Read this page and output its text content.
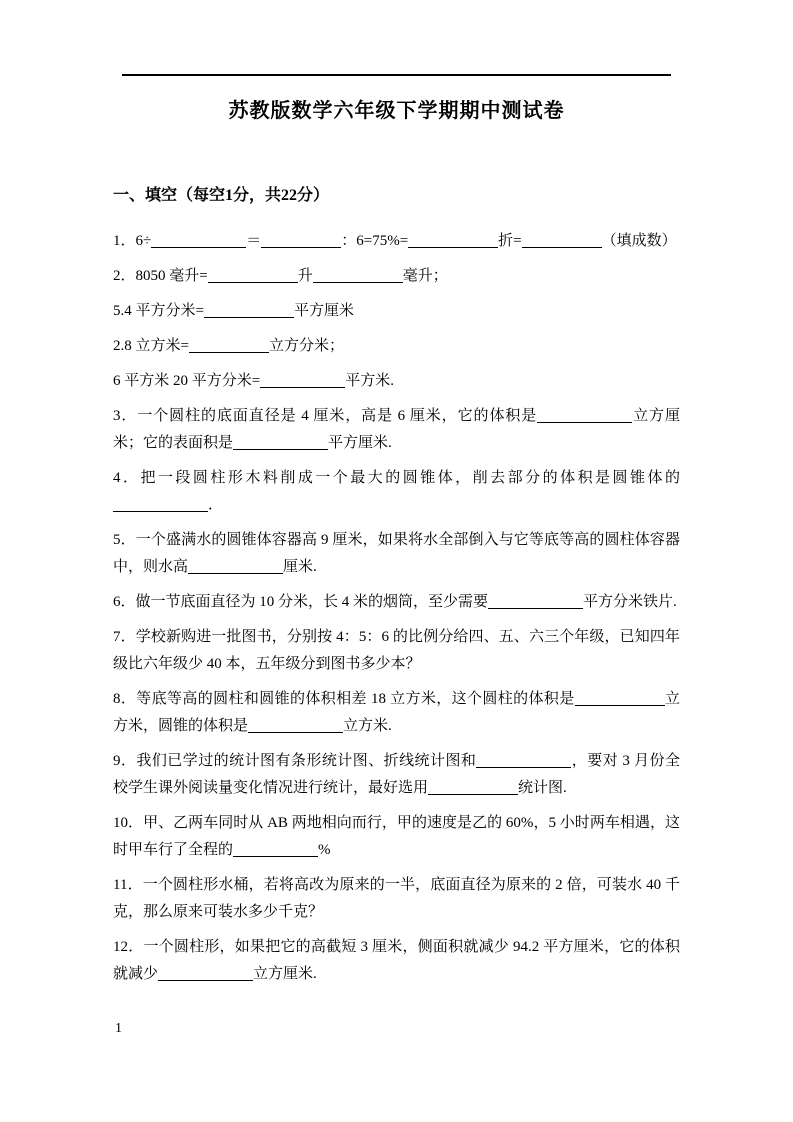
苏教版数学六年级下学期期中测试卷
一、填空（每空1分，共22分）

1．6÷	＝	：6=75%=	折=	（填成数）

2．8050 毫升=	升	毫升；

5.4 平方分米=	平方厘米

2.8 立方米=	立方分米；

6 平方米 20 平方分米=	平方米.

3．一个圆柱的底面直径是 4 厘米，高是 6 厘米，它的体积是	立方厘米；它的表面积是	平方厘米.

4．把一段圆柱形木料削成一个最大的圆锥体，削去部分的体积是圆锥体的．

5．一个盛满水的圆锥体容器高 9 厘米，如果将水全部倒入与它等底等高的圆柱体容器中，则水高	厘米.

6．做一节底面直径为 10 分米，长 4 米的烟筒，至少需要	平方分米铁片.

7．学校新购进一批图书，分别按 4：5：6 的比例分给四、五、六三个年级，已知四年级比六年级少 40 本，五年级分到图书多少本？

8．等底等高的圆柱和圆锥的体积相差 18 立方米，这个圆柱的体积是	立方米，圆锥的体积是	立方米.

9．我们已学过的统计图有条形统计图、折线统计图和	，要对 3 月份全校学生课外阅读量变化情况进行统计，最好选用	统计图.

10．甲、乙两车同时从 AB 两地相向而行，甲的速度是乙的 60%，5 小时两车相遇，这时甲车行了全程的	%

11．一个圆柱形水桶，若将高改为原来的一半，底面直径为原来的 2 倍，可装水 40 千克，那么原来可装水多少千克？

12．一个圆柱形，如果把它的高截短 3 厘米，侧面积就减少 94.2 平方厘米，它的体积就减少	立方厘米.

1
